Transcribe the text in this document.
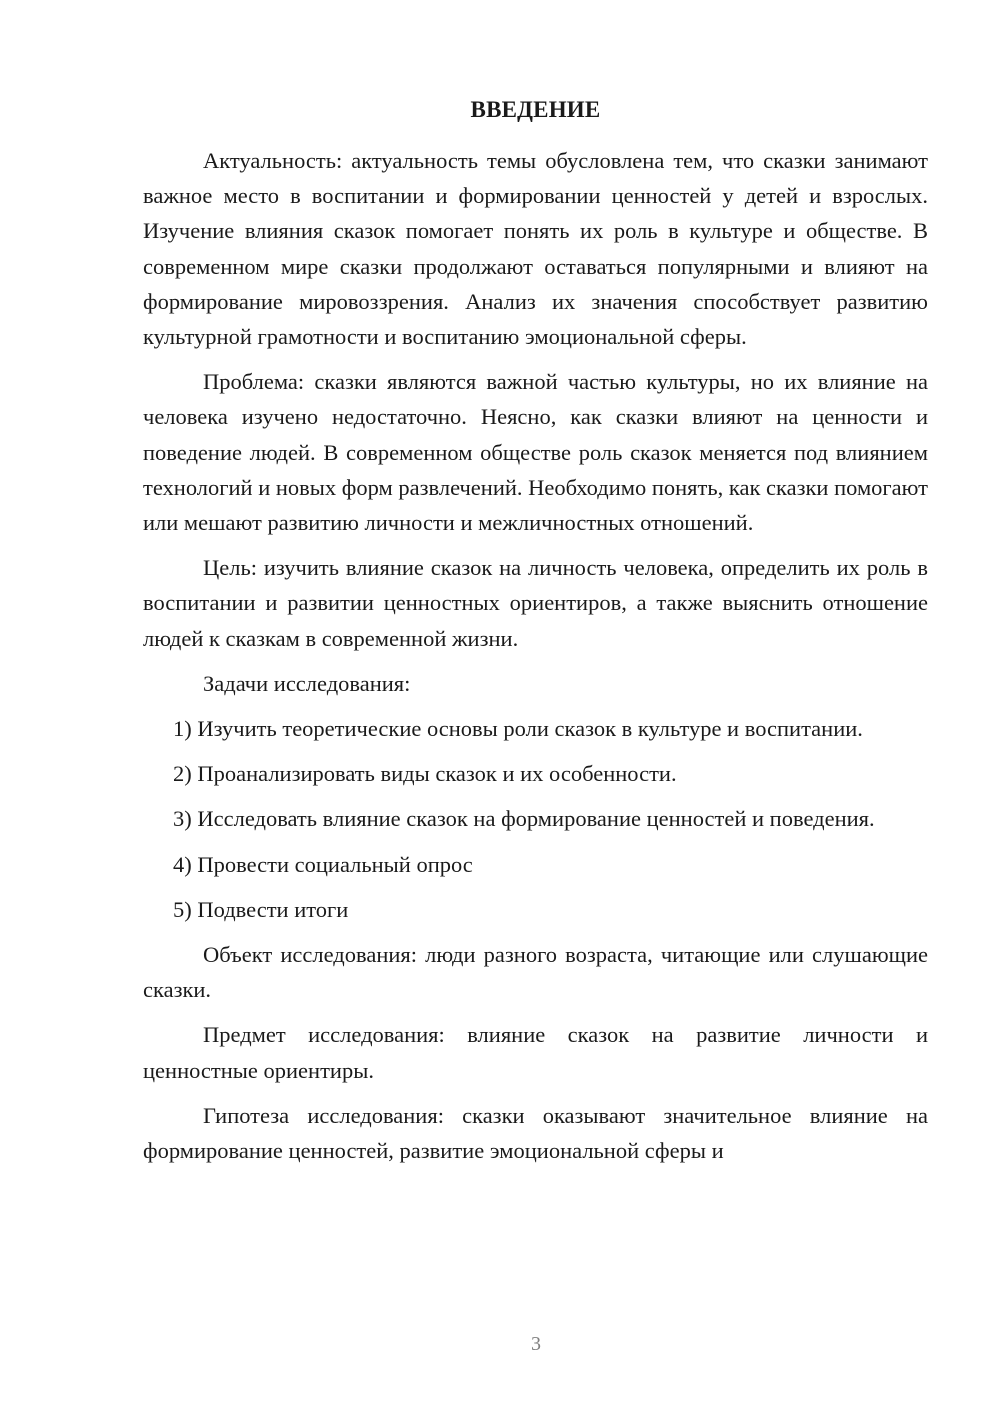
ВВЕДЕНИЕ

Актуальность: актуальность темы обусловлена тем, что сказки занимают важное место в воспитании и формировании ценностей у детей и взрослых. Изучение влияния сказок помогает понять их роль в культуре и обществе. В современном мире сказки продолжают оставаться популярными и влияют на формирование мировоззрения. Анализ их значения способствует развитию культурной грамотности и воспитанию эмоциональной сферы.

Проблема: сказки являются важной частью культуры, но их влияние на человека изучено недостаточно. Неясно, как сказки влияют на ценности и поведение людей. В современном обществе роль сказок меняется под влиянием технологий и новых форм развлечений. Необходимо понять, как сказки помогают или мешают развитию личности и межличностных отношений.

Цель: изучить влияние сказок на личность человека, определить их роль в воспитании и развитии ценностных ориентиров, а также выяснить отношение людей к сказкам в современной жизни.

Задачи исследования:

1) Изучить теоретические основы роли сказок в культуре и воспитании.

2) Проанализировать виды сказок и их особенности.

3) Исследовать влияние сказок на формирование ценностей и поведения.

4) Провести социальный опрос

5) Подвести итоги

Объект исследования: люди разного возраста, читающие или слушающие сказки.

Предмет исследования: влияние сказок на развитие личности и ценностные ориентиры.

Гипотеза исследования: сказки оказывают значительное влияние на формирование ценностей, развитие эмоциональной сферы и

3
